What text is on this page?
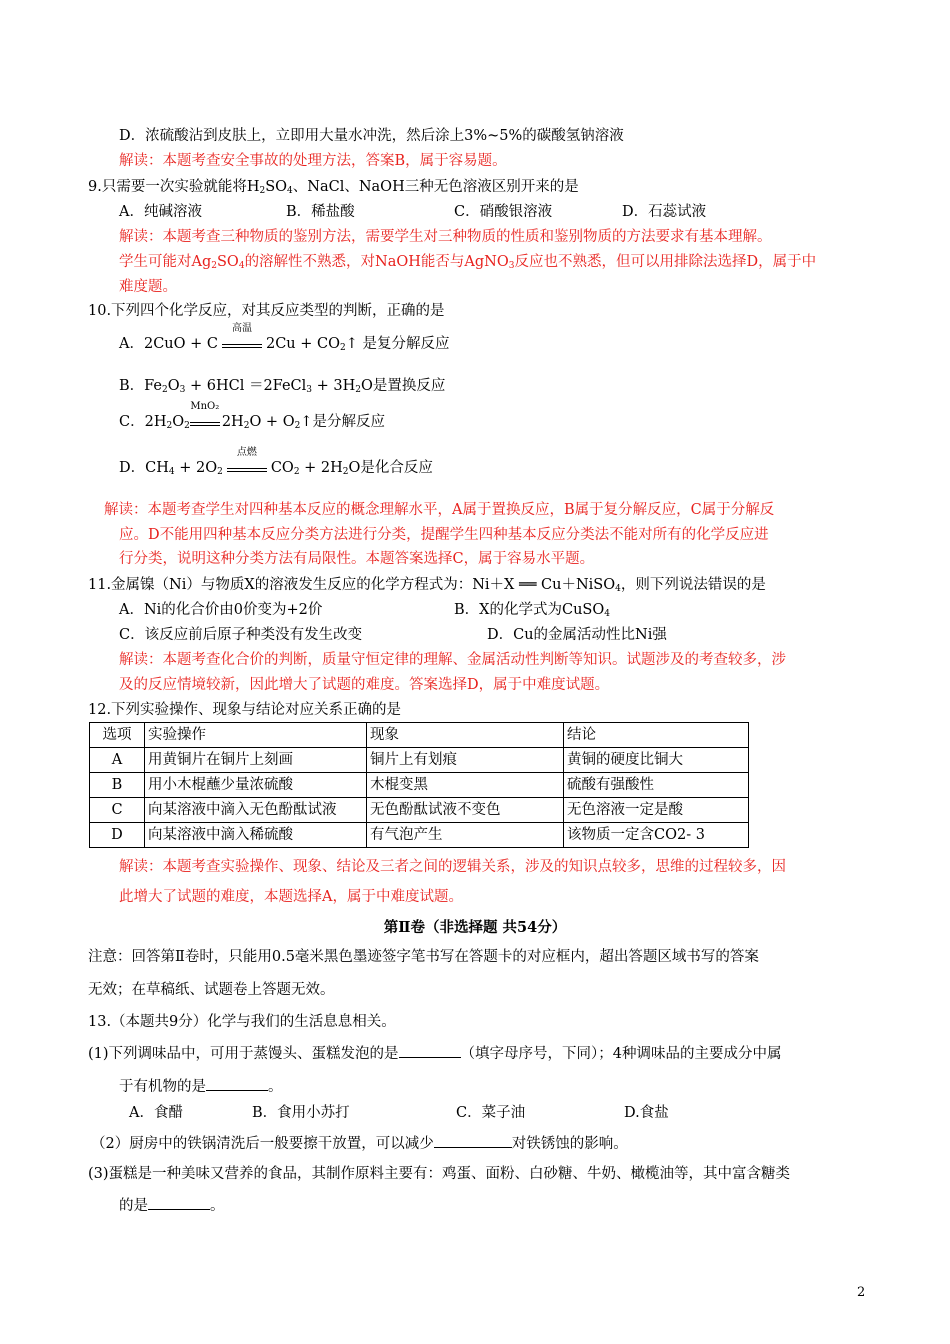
D．浓硫酸沾到皮肤上，立即用大量水冲洗，然后涂上3%~5%的碳酸氢钠溶液
解读：本题考查安全事故的处理方法，答案B，属于容易题。
9.只需要一次实验就能将$H_2SO_4$、NaCl、NaOH三种无色溶液区别开来的是
A．纯碱溶液	B．稀盐酸	C．硝酸银溶液	D．石蕊试液
解读：本题考查三种物质的鉴别方法，需要学生对三种物质的性质和鉴别物质的方法要求有基本理解。
学生可能对$Ag_2SO_4$的溶解性不熟悉，对NaOH能否与AgNO$_3$反应也不熟悉，但可以用排除法选择D，属于中
难度题。
10.下列四个化学反应，对其反应类型的判断，正确的是
A．2CuO + C
高温
$2Cu + CO_2↑$ 是复分解反应
B．$Fe_2O_3 + 6HCl$ ＝2FeCl$_3$ + $3H_2O$是置换反应
C．$2H_2O_2$
MnO₂
$2H_2O$ + $O_2↑$是分解反应
D．$CH_4 + 2O_2$
点燃
$CO_2 + 2H_2O$是化合反应
解读：本题考查学生对四种基本反应的概念理解水平，A属于置换反应，B属于复分解反应，C属于分解反
应。D不能用四种基本反应分类方法进行分类，提醒学生四种基本反应分类法不能对所有的化学反应进
行分类，说明这种分类方法有局限性。本题答案选择C，属于容易水平题。
11.金属镍（Ni）与物质X的溶液发生反应的化学方程式为：Ni＋X ══ Cu＋NiSO$_4$，则下列说法错误的是
A．Ni的化合价由0价变为+2价	B．X的化学式为CuSO$_4$
C．该反应前后原子种类没有发生改变	D．Cu的金属活动性比Ni强
解读：本题考查化合价的判断，质量守恒定律的理解、金属活动性判断等知识。试题涉及的考查较多，涉
及的反应情境较新，因此增大了试题的难度。答案选择D，属于中难度试题。
12.下列实验操作、现象与结论对应关系正确的是
选项	实验操作	现象	结论
A	用黄铜片在铜片上刻画	铜片上有划痕	黄铜的硬度比铜大
B	用小木棍蘸少量浓硫酸	木棍变黑	硫酸有强酸性
C	向某溶液中滴入无色酚酞试液	无色酚酞试液不变色	无色溶液一定是酸
D	向某溶液中滴入稀硫酸	有气泡产生	该物质一定含CO2- 3
解读：本题考查实验操作、现象、结论及三者之间的逻辑关系，涉及的知识点较多，思维的过程较多，因
此增大了试题的难度，本题选择A，属于中难度试题。
第Ⅱ卷（非选择题 共54分）
注意：回答第Ⅱ卷时，只能用0.5毫米黑色墨迹签字笔书写在答题卡的对应框内，超出答题区域书写的答案
无效；在草稿纸、试题卷上答题无效。
13.（本题共9分）化学与我们的生活息息相关。
(1)下列调味品中，可用于蒸馒头、蛋糕发泡的是	（填字母序号，下同）；4种调味品的主要成分中属
于有机物的是	。
A．食醋	B．食用小苏打	C．菜子油	D.食盐
（2）厨房中的铁锅清洗后一般要擦干放置，可以减少	对铁锈蚀的影响。
(3)蛋糕是一种美味又营养的食品，其制作原料主要有：鸡蛋、面粉、白砂糖、牛奶、橄榄油等，其中富含糖类
的是	。
2
